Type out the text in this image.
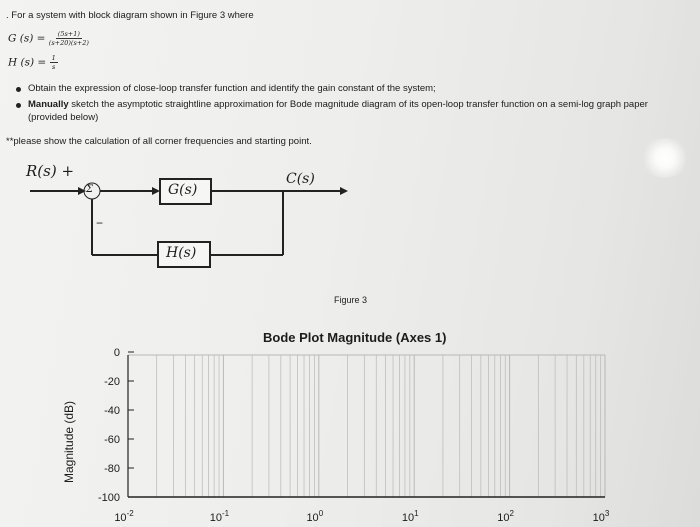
. For a system with block diagram shown in Figure 3 where
G $(s) = \frac{(5s+1)}{(s+20)(s+2)}$
H $(s) = \frac{1}{s}$
Obtain the expression of close-loop transfer function and identify the gain constant of the system;
Manually sketch the asymptotic straightline approximation for Bode magnitude diagram of its open-loop transfer function on a semi-log graph paper
(provided below)
**please show the calculation of all corner frequencies and starting point.
R(s) +
Σ
−
G(s)
H(s)
C(s)
Figure 3
Bode Plot Magnitude (Axes 1)
Magnitude (dB)
0
-20
-40
-60
-80
-100
$10^{-2}$	$10^{-1}$	$10^0$	$10^1$	$10^2$	$10^3$
